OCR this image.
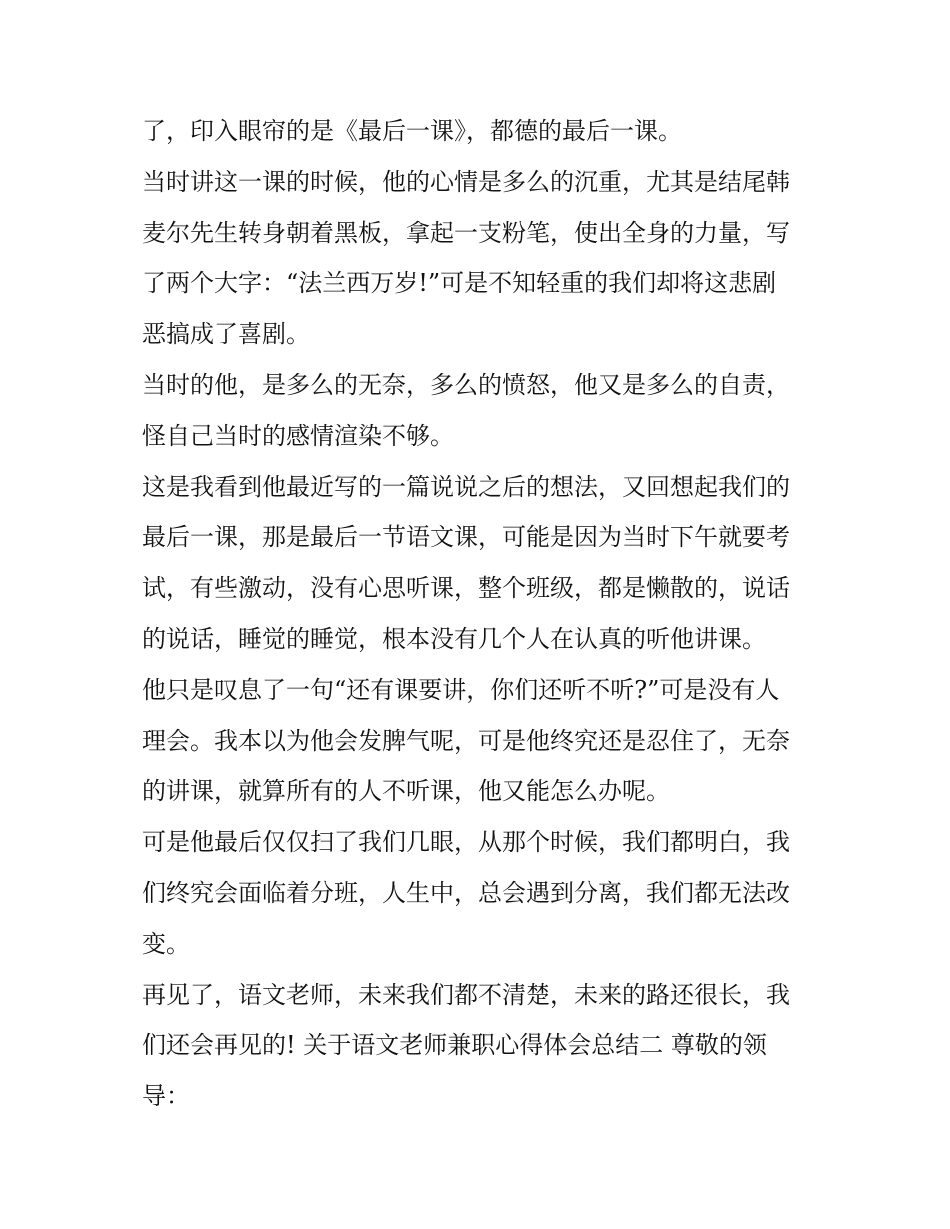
了，印入眼帘的是《最后一课》，都德的最后一课。
当时讲这一课的时候，他的心情是多么的沉重，尤其是结尾韩
麦尔先生转身朝着黑板，拿起一支粉笔，使出全身的力量，写
了两个大字：“法兰西万岁!”可是不知轻重的我们却将这悲剧
恶搞成了喜剧。
当时的他，是多么的无奈，多么的愤怒，他又是多么的自责，
怪自己当时的感情渲染不够。
这是我看到他最近写的一篇说说之后的想法，又回想起我们的
最后一课，那是最后一节语文课，可能是因为当时下午就要考
试，有些激动，没有心思听课，整个班级，都是懒散的，说话
的说话，睡觉的睡觉，根本没有几个人在认真的听他讲课。
他只是叹息了一句“还有课要讲，你们还听不听?”可是没有人
理会。我本以为他会发脾气呢，可是他终究还是忍住了，无奈
的讲课，就算所有的人不听课，他又能怎么办呢。
可是他最后仅仅扫了我们几眼，从那个时候，我们都明白，我
们终究会面临着分班，人生中，总会遇到分离，我们都无法改
变。
再见了，语文老师，未来我们都不清楚，未来的路还很长，我
们还会再见的! 关于语文老师兼职心得体会总结二 尊敬的领
导：
